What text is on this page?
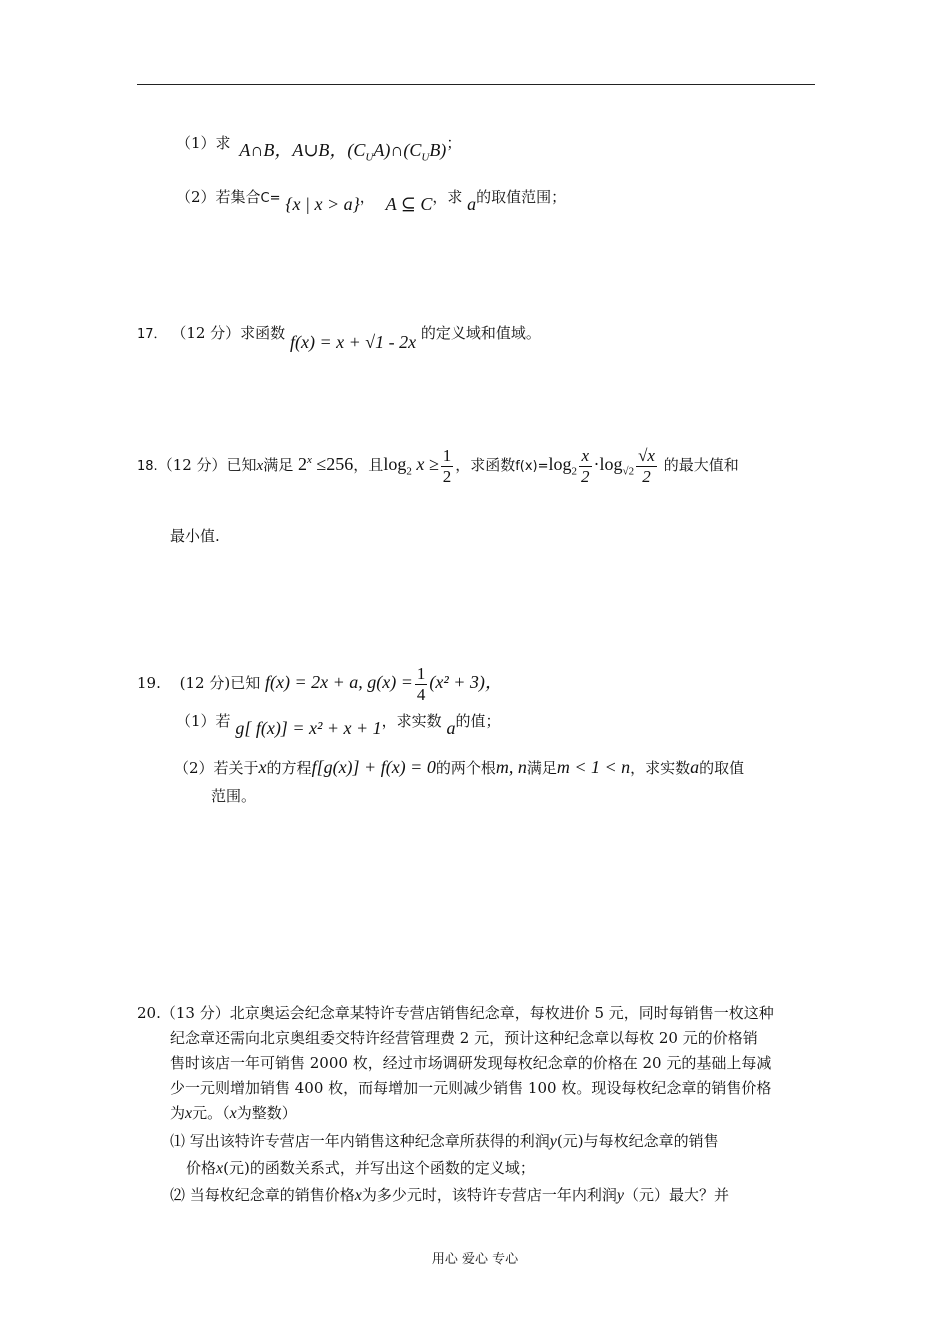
（1）求 A∩B，A∪B，$(C_UA)\cap(C_UB)$；
（2）若集合C= {x | x > a}， A ⊆ C，求 a的取值范围；
17． （12 分）求函数 f(x) = x + √1 - 2x 的定义域和值域。
18.（12 分）已知x满足 $2^x \le 256$，且$\log_2 x \ge \frac{1}{2}$ ，求函数$f(x)=\log_2 \frac{x}{2} \cdot\log_{√2} \frac{√x}{2}$ 的最大值和
最小值.
19. (12 分)已知 f(x) = 2x + a, $g(x) = \frac{1}{4} (x^2 + 3)$，
（1）若 g[ f(x)] = x² + x + 1，求实数 a的值；
（2）若关于x的方程f[g(x)] + f(x) = 0的两个根m, n满足m < 1 < n，求实数a的取值
范围。
20.（13 分）北京奥运会纪念章某特许专营店销售纪念章，每枚进价 5 元，同时每销售一枚这种
纪念章还需向北京奥组委交特许经营管理费 2 元，预计这种纪念章以每枚 20 元的价格销
售时该店一年可销售 2000 枚，经过市场调研发现每枚纪念章的价格在 20 元的基础上每减
少一元则增加销售 400 枚，而每增加一元则减少销售 100 枚。现设每枚纪念章的销售价格
为x元。（x为整数）
⑴ 写出该特许专营店一年内销售这种纪念章所获得的利润y(元)与每枚纪念章的销售
价格x(元)的函数关系式，并写出这个函数的定义域；
⑵ 当每枚纪念章的销售价格x为多少元时，该特许专营店一年内利润y（元）最大？并
用心 爱心 专心
